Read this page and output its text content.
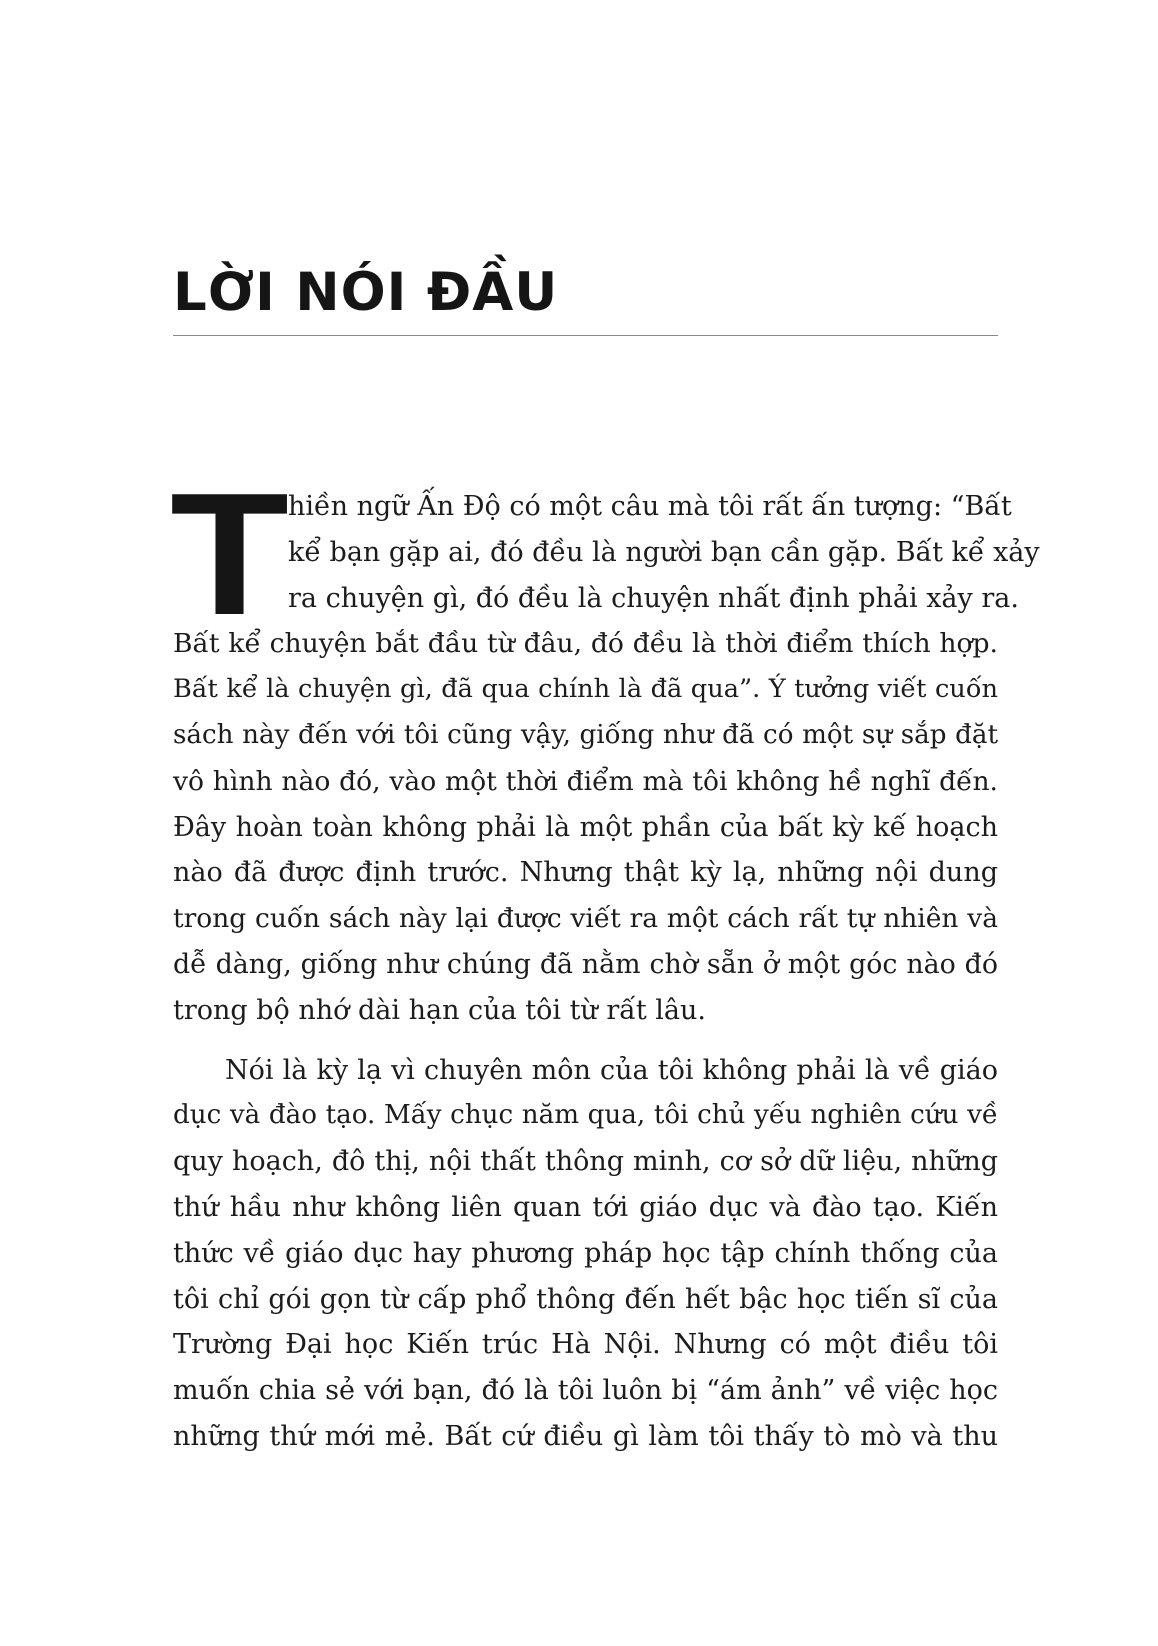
LỜI NÓI ĐẦU

T
hiền ngữ Ấn Độ có một câu mà tôi rất ấn tượng: “Bất
kể bạn gặp ai, đó đều là người bạn cần gặp. Bất kể xảy
ra chuyện gì, đó đều là chuyện nhất định phải xảy ra.
Bất kể chuyện bắt đầu từ đâu, đó đều là thời điểm thích hợp.
Bất kể là chuyện gì, đã qua chính là đã qua”. Ý tưởng viết cuốn
sách này đến với tôi cũng vậy, giống như đã có một sự sắp đặt
vô hình nào đó, vào một thời điểm mà tôi không hề nghĩ đến.
Đây hoàn toàn không phải là một phần của bất kỳ kế hoạch
nào đã được định trước. Nhưng thật kỳ lạ, những nội dung
trong cuốn sách này lại được viết ra một cách rất tự nhiên và
dễ dàng, giống như chúng đã nằm chờ sẵn ở một góc nào đó
trong bộ nhớ dài hạn của tôi từ rất lâu.

Nói là kỳ lạ vì chuyên môn của tôi không phải là về giáo
dục và đào tạo. Mấy chục năm qua, tôi chủ yếu nghiên cứu về
quy hoạch, đô thị, nội thất thông minh, cơ sở dữ liệu, những
thứ hầu như không liên quan tới giáo dục và đào tạo. Kiến
thức về giáo dục hay phương pháp học tập chính thống của
tôi chỉ gói gọn từ cấp phổ thông đến hết bậc học tiến sĩ của
Trường Đại học Kiến trúc Hà Nội. Nhưng có một điều tôi
muốn chia sẻ với bạn, đó là tôi luôn bị “ám ảnh” về việc học
những thứ mới mẻ. Bất cứ điều gì làm tôi thấy tò mò và thu
